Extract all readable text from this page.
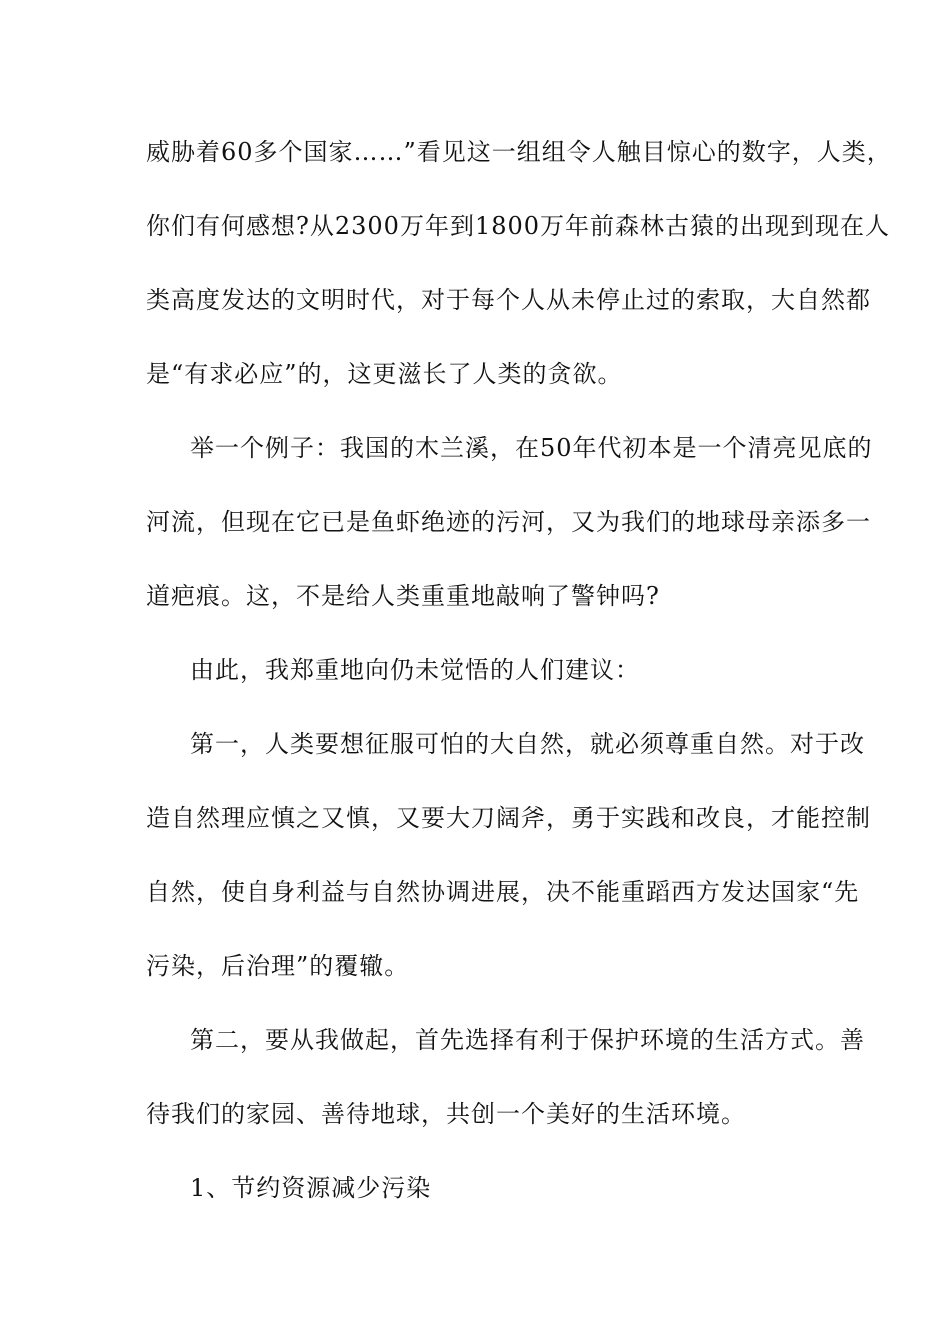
威胁着60多个国家……”看见这一组组令人触目惊心的数字，人类，
你们有何感想?从2300万年到1800万年前森林古猿的出现到现在人
类高度发达的文明时代，对于每个人从未停止过的索取，大自然都
是“有求必应”的，这更滋长了人类的贪欲。
举一个例子：我国的木兰溪，在50年代初本是一个清亮见底的
河流，但现在它已是鱼虾绝迹的污河，又为我们的地球母亲添多一
道疤痕。这，不是给人类重重地敲响了警钟吗?
由此，我郑重地向仍未觉悟的人们建议：
第一，人类要想征服可怕的大自然，就必须尊重自然。对于改
造自然理应慎之又慎，又要大刀阔斧，勇于实践和改良，才能控制
自然，使自身利益与自然协调进展，决不能重蹈西方发达国家“先
污染，后治理”的覆辙。
第二，要从我做起，首先选择有利于保护环境的生活方式。善
待我们的家园、善待地球，共创一个美好的生活环境。
1、节约资源减少污染
